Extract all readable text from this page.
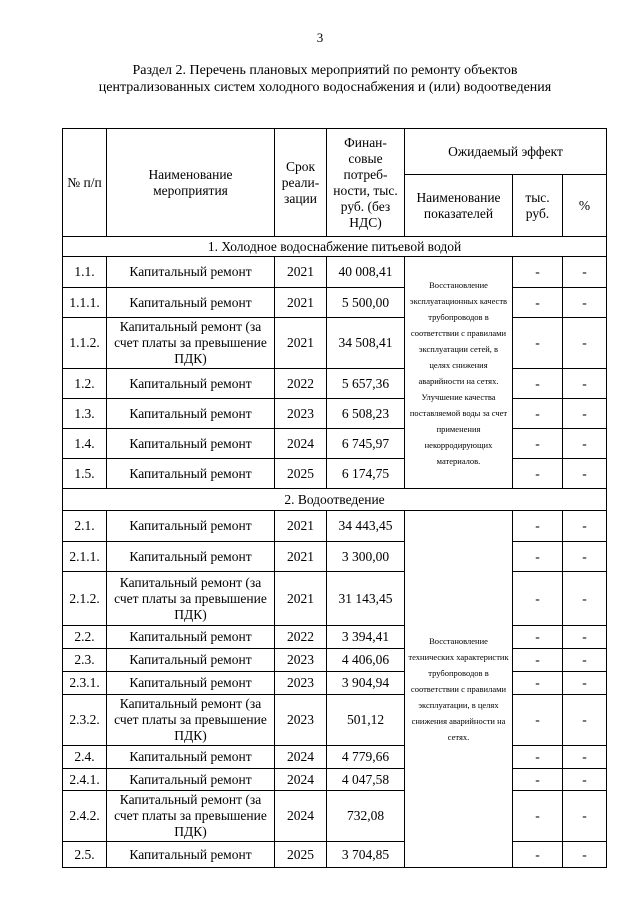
3
Раздел 2. Перечень плановых мероприятий по ремонту объектов централизованных систем холодного водоснабжения и (или) водоотведения
№ п/п	Наименование мероприятия	Срок реали-зации	Финан-совые потреб-ности, тыс. руб. (без НДС)	Ожидаемый эффект		
				Наименование показателей	тыс. руб.	%
1. Холодное водоснабжение питьевой водой						
1.1.	Капитальный ремонт	2021	40 008,41	Восстановление эксплуатационных качеств трубопроводов в соответствии с правилами эксплуатации сетей, в целях снижения аварийности на сетях. Улучшение качества поставляемой воды за счет применения некорродирующих материалов.	-	-
1.1.1.	Капитальный ремонт	2021	5 500,00		-	-
1.1.2.	Капитальный ремонт (за счет платы за превышение ПДК)	2021	34 508,41		-	-
1.2.	Капитальный ремонт	2022	5 657,36		-	-
1.3.	Капитальный ремонт	2023	6 508,23		-	-
1.4.	Капитальный ремонт	2024	6 745,97		-	-
1.5.	Капитальный ремонт	2025	6 174,75		-	-
2. Водоотведение						
2.1.	Капитальный ремонт	2021	34 443,45	Восстановление технических характеристик трубопроводов в соответствии с правилами эксплуатации, в целях снижения аварийности на сетях.	-	-
2.1.1.	Капитальный ремонт	2021	3 300,00		-	-
2.1.2.	Капитальный ремонт (за счет платы за превышение ПДК)	2021	31 143,45		-	-
2.2.	Капитальный ремонт	2022	3 394,41		-	-
2.3.	Капитальный ремонт	2023	4 406,06		-	-
2.3.1.	Капитальный ремонт	2023	3 904,94		-	-
2.3.2.	Капитальный ремонт (за счет платы за превышение ПДК)	2023	501,12		-	-
2.4.	Капитальный ремонт	2024	4 779,66		-	-
2.4.1.	Капитальный ремонт	2024	4 047,58		-	-
2.4.2.	Капитальный ремонт (за счет платы за превышение ПДК)	2024	732,08		-	-
2.5.	Капитальный ремонт	2025	3 704,85		-	-
